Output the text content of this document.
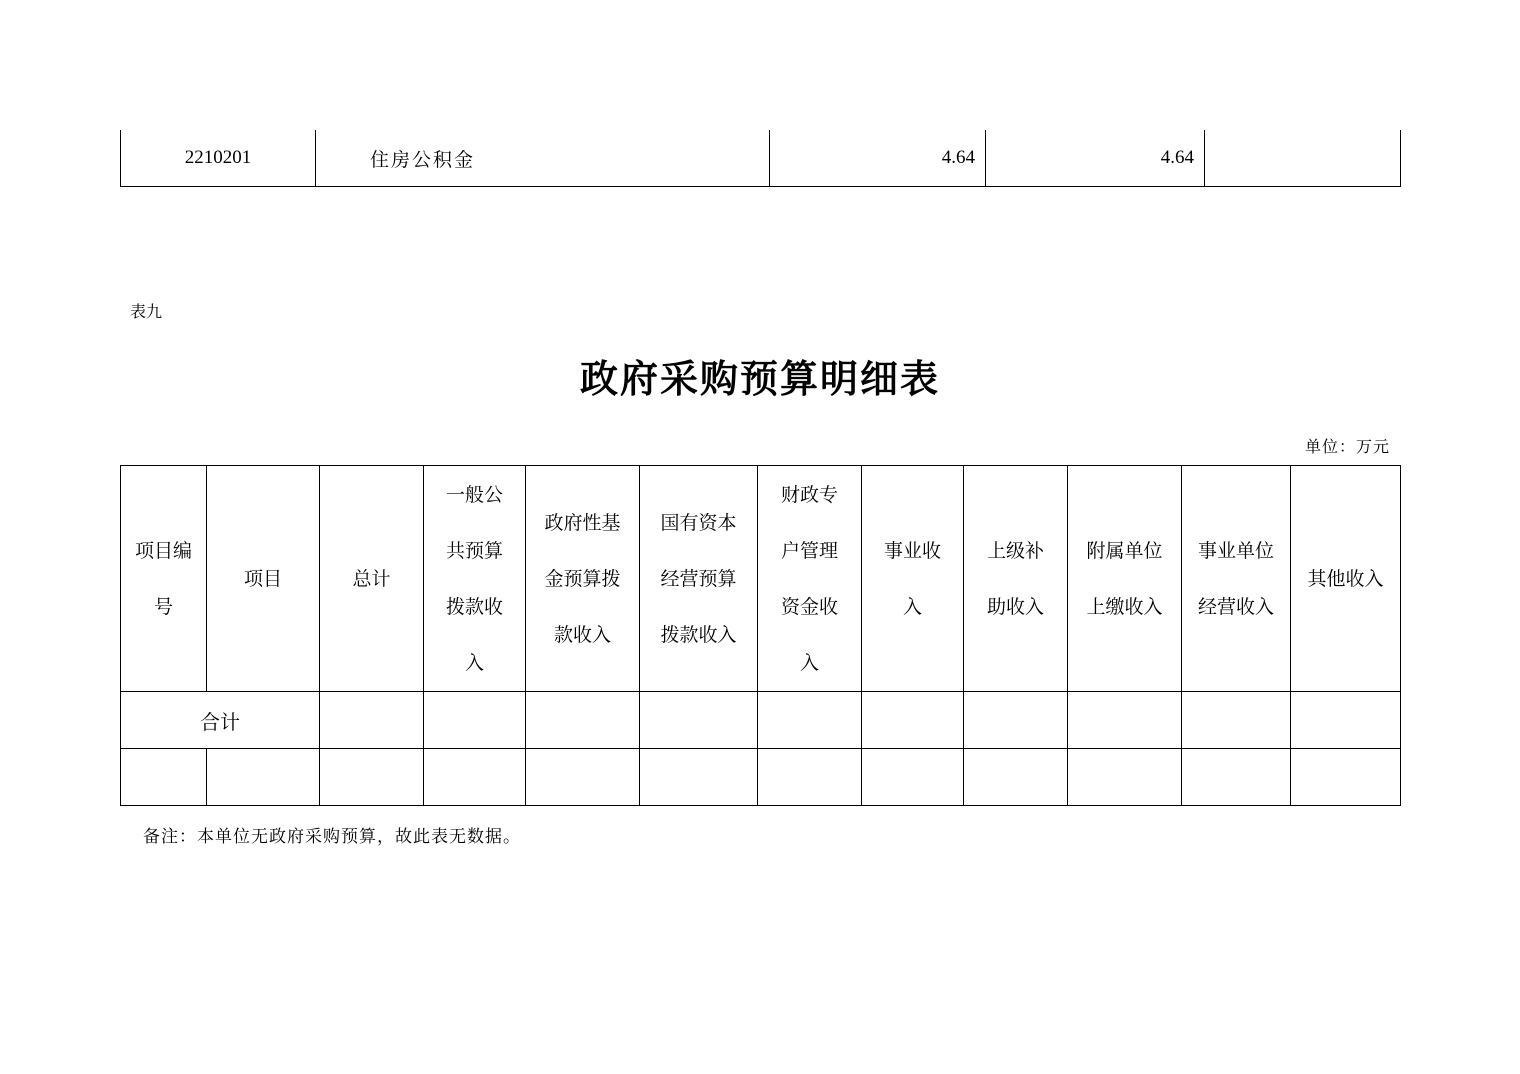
2210201	住房公积金	4.64	4.64	
表九
政府采购预算明细表
单位：万元
项目编
号	项目	总计	一般公
共预算
拨款收
入	政府性基
金预算拨
款收入	国有资本
经营预算
拨款收入	财政专
户管理
资金收
入	事业收
入	上级补
助收入	附属单位
上缴收入	事业单位
经营收入	其他收入
合计											

备注：本单位无政府采购预算，故此表无数据。
